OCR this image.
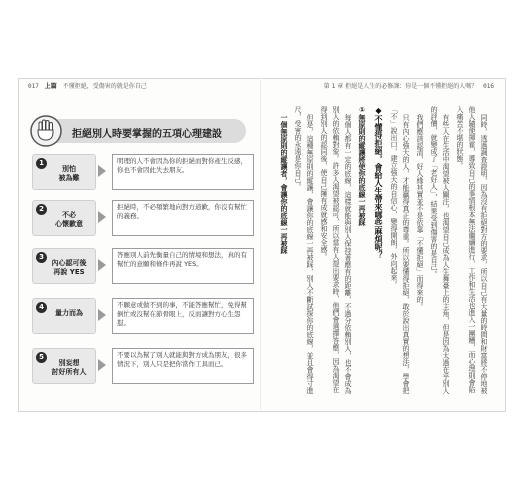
017 上篇 不懂拒絕，受傷害的就是你自己
拒絕別人時要掌握的五項心理建設
1
別怕
被為難
明理的人不會因為你的拒絕而對你產生反感，你也不會因此失去朋友。
2
不必
心懷歉意
拒絕時，不必頻繁地向對方道歉，你沒有幫忙的義務。
3
內心認可後
再說 YES
答應別人前先衡量自己的情境和想法，真的有幫忙的意願和條件再說 YES。
4
量力而為
不願意或做不到的事，不能答應幫忙，免得幫倒忙或沒幫在節骨眼上，反而讓對方心生怨懟。
5
別妄想
討好所有人
不要以為幫了別人就能與對方成為朋友，很多情況下，別人只是把你當作工具而已。
第 1 章 拒絕是人生的必修課：你是一個不懂拒絕的人嗎？ 016

同時，透過調查證明，因為沒有拒絕對方的要求，所以自己有大量的時間和財富將不停地被他人隨便揮霍，導致自己的事情根本無法繼續進行，工作和生活也進入一團糟，而心理則會陷入痛苦不堪的狀態。

有些人在生活中渴望被人關注，也渴望自己成為人生舞臺上的主角，但是因為太過在乎別人的評價，就變成了「老好人」，結果受到傷害的是自己。

我們應該認清，好人緣其實並不是依靠「不懂拒絕」而得來的。

只有內心強大的人，才能贏得真正的尊重。所以要懂得拒絕，敢於說出真實的想法，學會把「不」說出口，建立強大的自信心，變得開朗，外向起來。

◆不懂得拒絕，會給人生帶來哪些麻煩呢？

①無原則的縱讓將使你的底線一再被踩

每個人都有一定的底線，這樣就能與別人保持著應有的距離，不過分依賴別人，也不會成為別人的依賴對象。許多人渴望被認可，所以當有人提出要求時，他們會選擇答應，因為渴望在得到別人的認同後，使自己擁有成就感和安全感。

但是，這種無原則的縱讓，會讓你的底線一再被踩，別人不斷試探你的底線，並且會得寸進尺，受害的永遠是你自己。

一個無原則的縱讓者，會讓你的底線一再被踩
